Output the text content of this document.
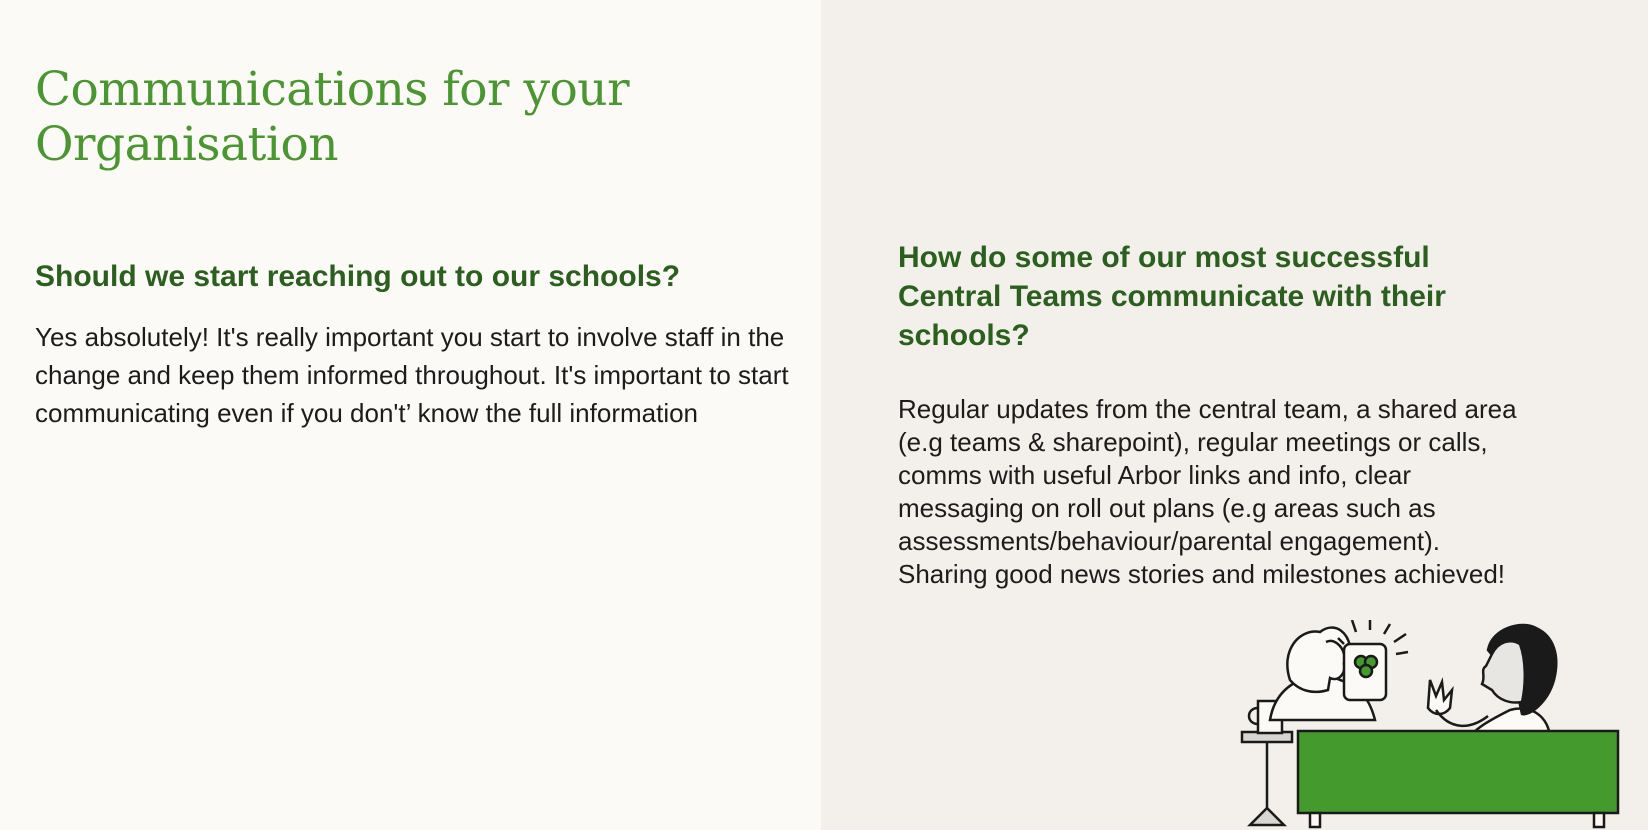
Communications for your Organisation
Should we start reaching out to our schools?

Yes absolutely! It's really important you start to involve staff in the change and keep them informed throughout. It's important to start communicating even if you don't’ know the full information

How do some of our most successful Central Teams communicate with their schools?

Regular updates from the central team, a shared area (e.g teams & sharepoint), regular meetings or calls, comms with useful Arbor links and info, clear messaging on roll out plans (e.g areas such as assessments/behaviour/parental engagement). Sharing good news stories and milestones achieved!
